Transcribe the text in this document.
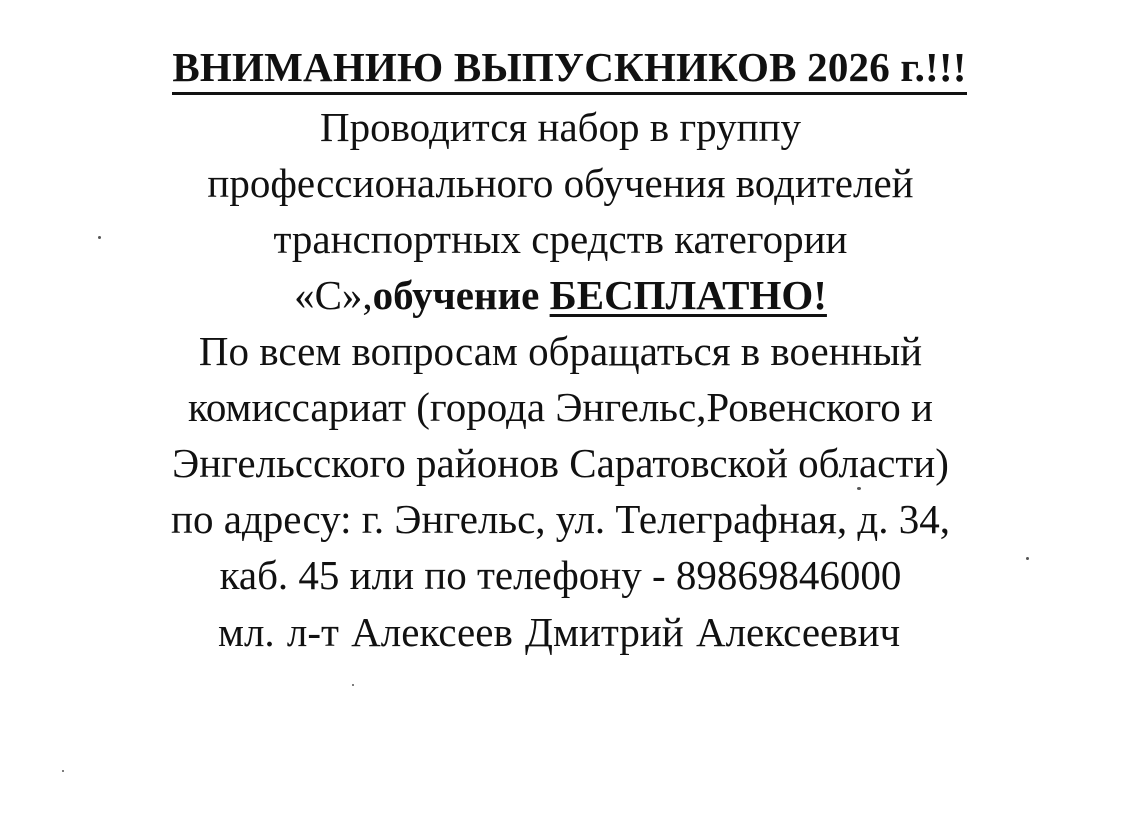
ВНИМАНИЮ ВЫПУСКНИКОВ 2026 г.!!!
Проводится набор в группу
профессионального обучения водителей
транспортных средств категории
«С»,обучение БЕСПЛАТНО!
По всем вопросам обращаться в военный
комиссариат (города Энгельс,Ровенского и
Энгельсского районов Саратовской области)
по адресу: г. Энгельс, ул. Телеграфная, д. 34,
каб. 45 или по телефону - 89869846000
мл. л-т Алексеев Дмитрий Алексеевич
